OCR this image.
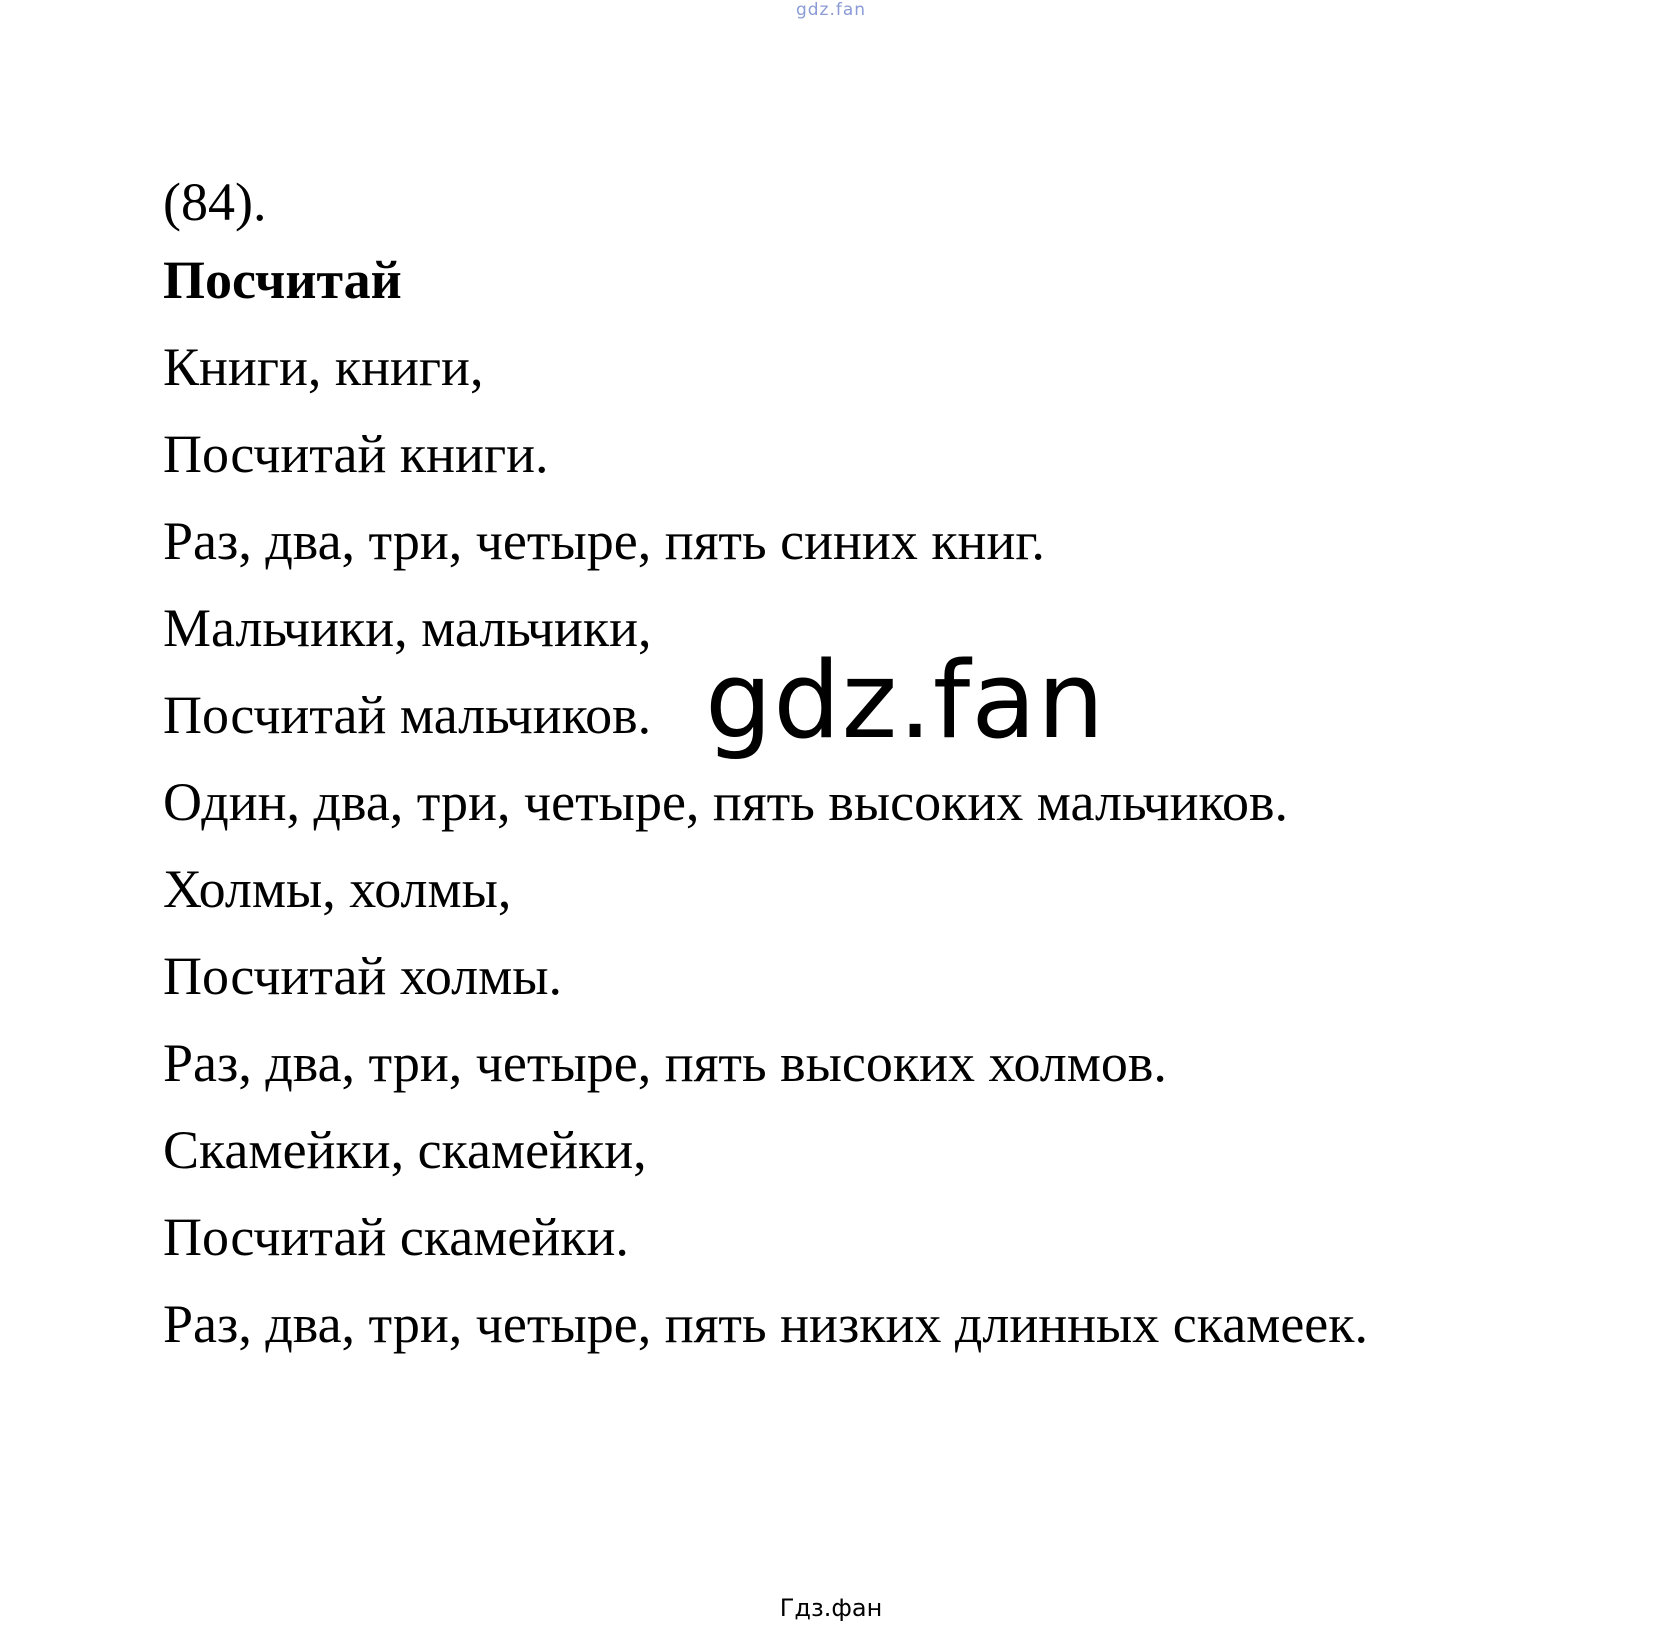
gdz.fan
(84).
Посчитай
Книги, книги,
Посчитай книги.
Раз, два, три, четыре, пять синих книг.
Мальчики, мальчики,
Посчитай мальчиков.
Один, два, три, четыре, пять высоких мальчиков.
Холмы, холмы,
Посчитай холмы.
Раз, два, три, четыре, пять высоких холмов.
Скамейки, скамейки,
Посчитай скамейки.
Раз, два, три, четыре, пять низких длинных скамеек.
gdz.fan
Гдз.фан
